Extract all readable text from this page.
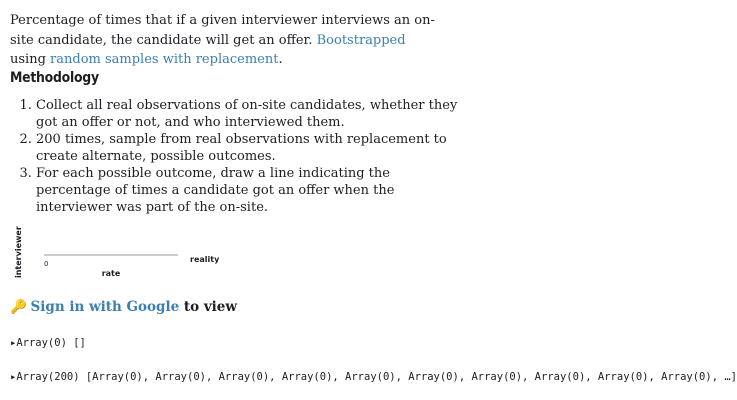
Percentage of times that if a given interviewer interviews an on-site candidate, the candidate will get an offer. Bootstrapped using random samples with replacement.

Methodology
1. Collect all real observations of on-site candidates, whether they got an offer or not, and who interviewed them.
2. 200 times, sample from real observations with replacement to create alternate, possible outcomes.
3. For each possible outcome, draw a line indicating the percentage of times a candidate got an offer when the interviewer was part of the on-site.
interviewer	0
rate
reality
🔑 Sign in with Google to view
▸Array(0) []
▸Array(200) [Array(0), Array(0), Array(0), Array(0), Array(0), Array(0), Array(0), Array(0), Array(0), Array(0), …]
